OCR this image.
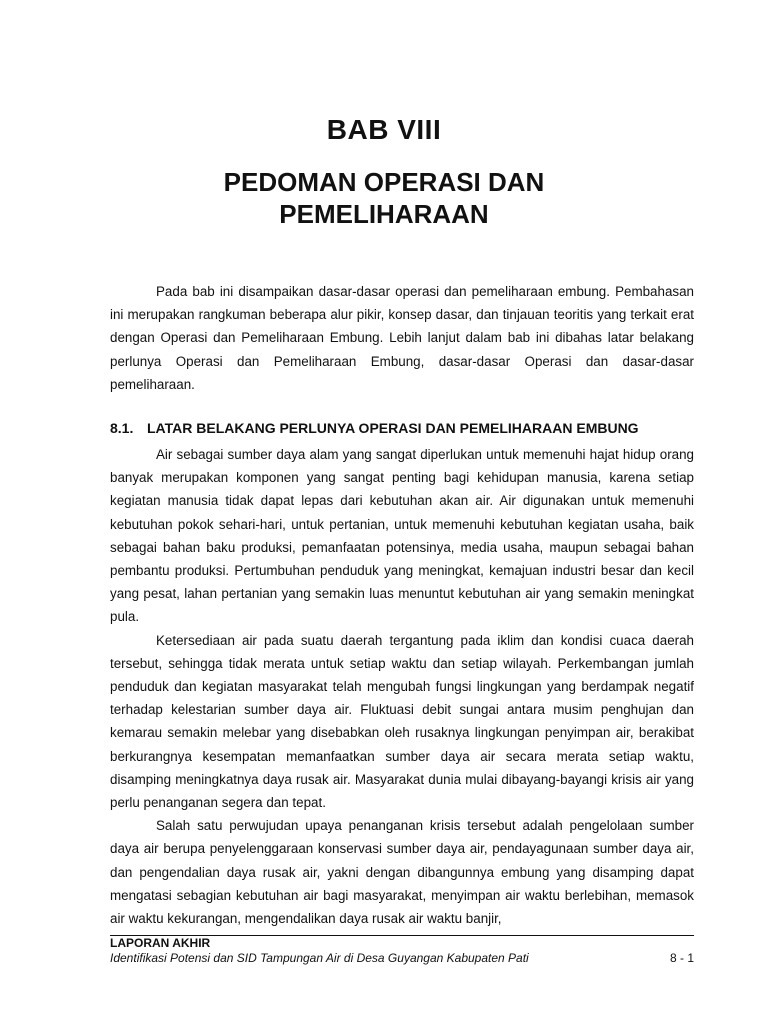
BAB VIII
PEDOMAN OPERASI DAN
PEMELIHARAAN

Pada bab ini disampaikan dasar-dasar operasi dan pemeliharaan embung. Pembahasan ini merupakan rangkuman beberapa alur pikir, konsep dasar, dan tinjauan teoritis yang terkait erat dengan Operasi dan Pemeliharaan Embung. Lebih lanjut dalam bab ini dibahas latar belakang perlunya Operasi dan Pemeliharaan Embung, dasar-dasar Operasi dan dasar-dasar pemeliharaan.

8.1. LATAR BELAKANG PERLUNYA OPERASI DAN PEMELIHARAAN EMBUNG

Air sebagai sumber daya alam yang sangat diperlukan untuk memenuhi hajat hidup orang banyak merupakan komponen yang sangat penting bagi kehidupan manusia, karena setiap kegiatan manusia tidak dapat lepas dari kebutuhan akan air. Air digunakan untuk memenuhi kebutuhan pokok sehari-hari, untuk pertanian, untuk memenuhi kebutuhan kegiatan usaha, baik sebagai bahan baku produksi, pemanfaatan potensinya, media usaha, maupun sebagai bahan pembantu produksi. Pertumbuhan penduduk yang meningkat, kemajuan industri besar dan kecil yang pesat, lahan pertanian yang semakin luas menuntut kebutuhan air yang semakin meningkat pula.

Ketersediaan air pada suatu daerah tergantung pada iklim dan kondisi cuaca daerah tersebut, sehingga tidak merata untuk setiap waktu dan setiap wilayah. Perkembangan jumlah penduduk dan kegiatan masyarakat telah mengubah fungsi lingkungan yang berdampak negatif terhadap kelestarian sumber daya air. Fluktuasi debit sungai antara musim penghujan dan kemarau semakin melebar yang disebabkan oleh rusaknya lingkungan penyimpan air, berakibat berkurangnya kesempatan memanfaatkan sumber daya air secara merata setiap waktu, disamping meningkatnya daya rusak air. Masyarakat dunia mulai dibayang-bayangi krisis air yang perlu penanganan segera dan tepat.

Salah satu perwujudan upaya penanganan krisis tersebut adalah pengelolaan sumber daya air berupa penyelenggaraan konservasi sumber daya air, pendayagunaan sumber daya air, dan pengendalian daya rusak air, yakni dengan dibangunnya embung yang disamping dapat mengatasi sebagian kebutuhan air bagi masyarakat, menyimpan air waktu berlebihan, memasok air waktu kekurangan, mengendalikan daya rusak air waktu banjir,

LAPORAN AKHIR

Identifikasi Potensi dan SID Tampungan Air di Desa Guyangan Kabupaten Pati	8 - 1
